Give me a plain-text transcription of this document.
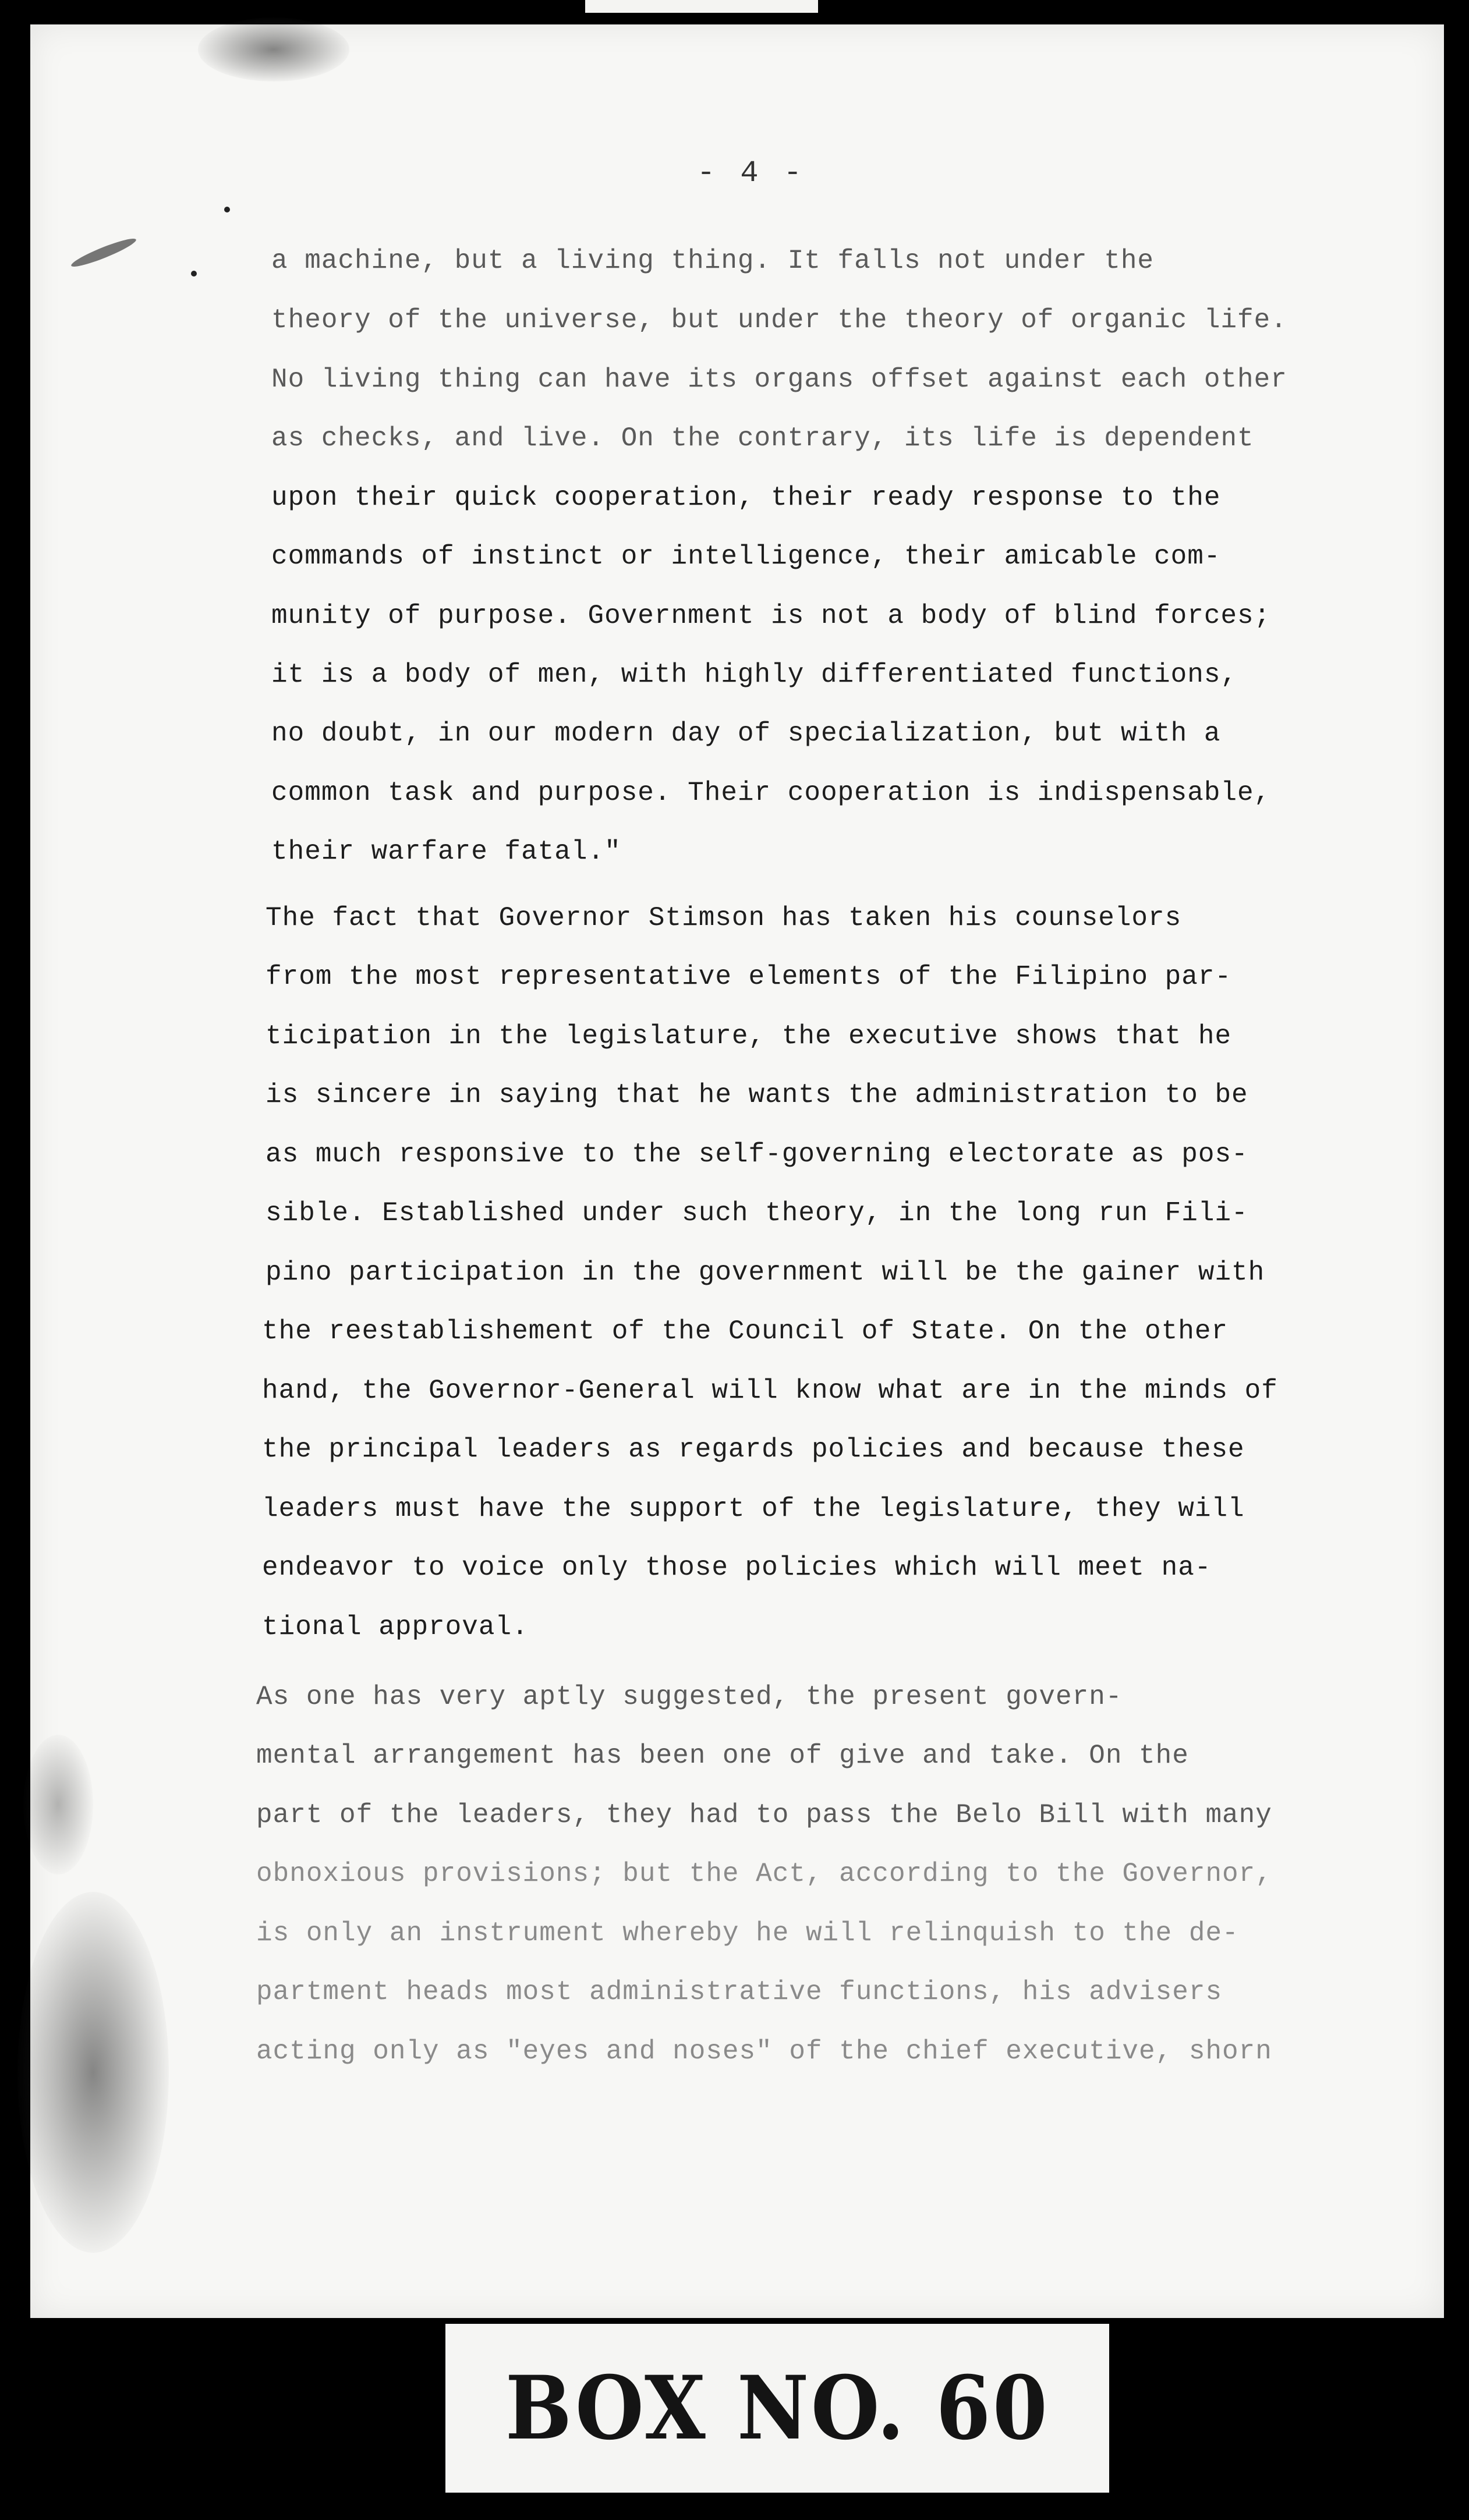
- 4 -
a machine, but a living thing. It falls not under the
theory of the universe, but under the theory of organic life.
No living thing can have its organs offset against each other
as checks, and live. On the contrary, its life is dependent
upon their quick cooperation, their ready response to the
commands of instinct or intelligence, their amicable com-
munity of purpose. Government is not a body of blind forces;
it is a body of men, with highly differentiated functions,
no doubt, in our modern day of specialization, but with a
common task and purpose. Their cooperation is indispensable,
their warfare fatal."
The fact that Governor Stimson has taken his counselors
from the most representative elements of the Filipino par-
ticipation in the legislature, the executive shows that he
is sincere in saying that he wants the administration to be
as much responsive to the self-governing electorate as pos-
sible. Established under such theory, in the long run Fili-
pino participation in the government will be the gainer with
the reestablishement of the Council of State. On the other
hand, the Governor-General will know what are in the minds of
the principal leaders as regards policies and because these
leaders must have the support of the legislature, they will
endeavor to voice only those policies which will meet na-
tional approval.
As one has very aptly suggested, the present govern-
mental arrangement has been one of give and take. On the
part of the leaders, they had to pass the Belo Bill with many
obnoxious provisions; but the Act, according to the Governor,
is only an instrument whereby he will relinquish to the de-
partment heads most administrative functions, his advisers
acting only as "eyes and noses" of the chief executive, shorn
BOX NO. 60
